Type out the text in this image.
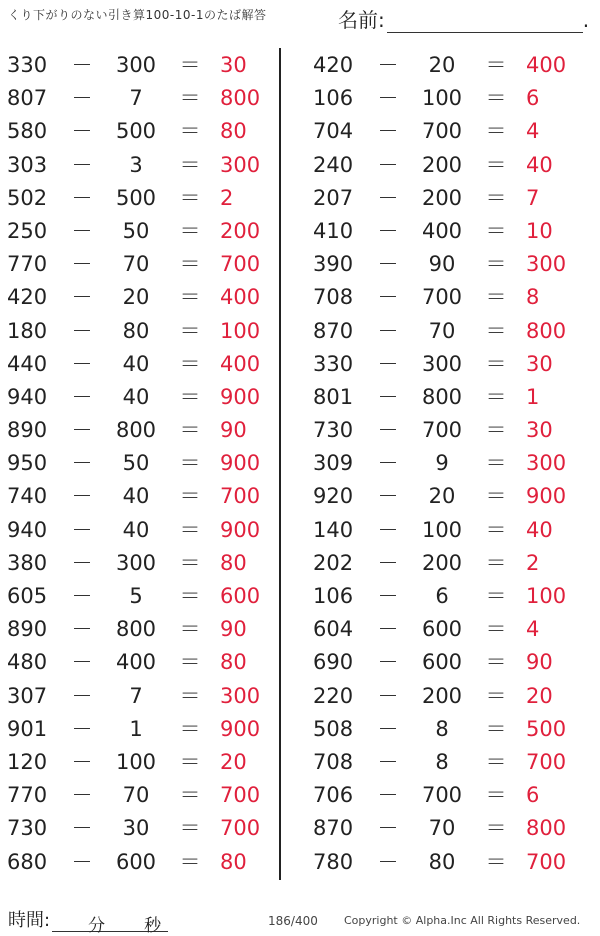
くり下がりのない引き算100-10-1のたば解答	名前:	.
330 －	300	＝ 30
807 －	7	＝ 800
580 －	500	＝ 80
303 －	3	＝ 300
502 －	500	＝ 2
250 －	50	＝ 200
770 －	70	＝ 700
420 －	20	＝ 400
180 －	80	＝ 100
440 －	40	＝ 400
940 －	40	＝ 900
890 －	800	＝ 90
950 －	50	＝ 900
740 －	40	＝ 700
940 －	40	＝ 900
380 －	300	＝ 80
605 －	5	＝ 600
890 －	800	＝ 90
480 －	400	＝ 80
307 －	7	＝ 300
901 －	1	＝ 900
120 －	100	＝ 20
770 －	70	＝ 700
730 －	30	＝ 700
680 －	600	＝ 80
420 －	20	＝ 400
106 －	100	＝ 6
704 －	700	＝ 4
240 －	200	＝ 40
207 －	200	＝ 7
410 －	400	＝ 10
390 －	90	＝ 300
708 －	700	＝ 8
870 －	70	＝ 800
330 －	300	＝ 30
801 －	800	＝ 1
730 －	700	＝ 30
309 －	9	＝ 300
920 －	20	＝ 900
140 －	100	＝ 40
202 －	200	＝ 2
106 －	6	＝ 100
604 －	600	＝ 4
690 －	600	＝ 90
220 －	200	＝ 20
508 －	8	＝ 500
708 －	8	＝ 700
706 －	700	＝ 6
870 －	70	＝ 800
780 －	80	＝ 700
時間: 分 秒	186/400 Copyright © Alpha.Inc All Rights Reserved.
